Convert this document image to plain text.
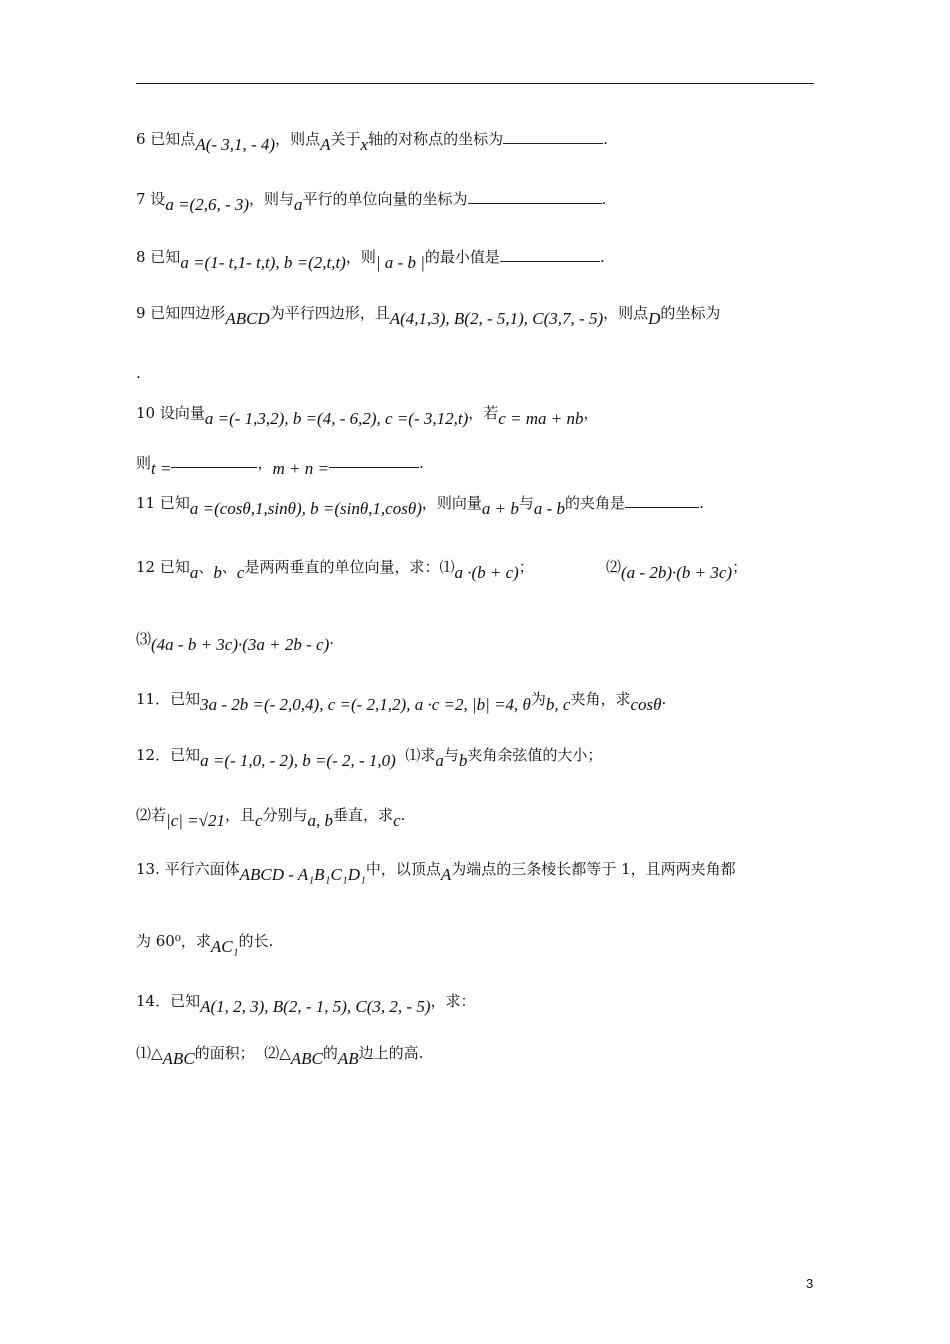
6 已知点A(- 3,1, - 4)，则点A关于x轴的对称点的坐标为	.
7 设a =(2,6, - 3)，则与a平行的单位向量的坐标为	.
8 已知a =(1- t,1- t,t), b =(2,t,t)，则| a - b |的最小值是	.
9 已知四边形ABCD为平行四边形，且A(4,1,3), B(2, - 5,1), C(3,7, - 5)，则点D的坐标为
.
10 设向量a =(- 1,3,2), b =(4, - 6,2), c =(- 3,12,t)，若c = ma + nb，
则t =	，m + n =	.
11 已知a =(cosθ,1,sinθ), b =(sinθ,1,cosθ)，则向量a + b与a - b的夹角是	.
12 已知a、b、c是两两垂直的单位向量，求：⑴a ·(b + c)；	⑵(a - 2b)·(b + 3c)；
⑶(4a - b + 3c)·(3a + 2b - c).
11．已知3a - 2b =(- 2,0,4), c =(- 2,1,2), a ·c =2, |b| =4, θ为b, c夹角，求cosθ.
12．已知a =(- 1,0, - 2), b =(- 2, - 1,0) ⑴求a与b夹角余弦值的大小；
⑵若|c| =√21，且c分别与a, b垂直，求c.
13. 平行六面体ABCD - A₁B₁C₁D₁中，以顶点A为端点的三条棱长都等于 1，且两两夹角都
为 60⁰，求AC₁的长.
14．已知A(1, 2, 3), B(2, - 1, 5), C(3, 2, - 5)，求：
⑴△ABC的面积； ⑵△ABC的AB边上的高.
3
